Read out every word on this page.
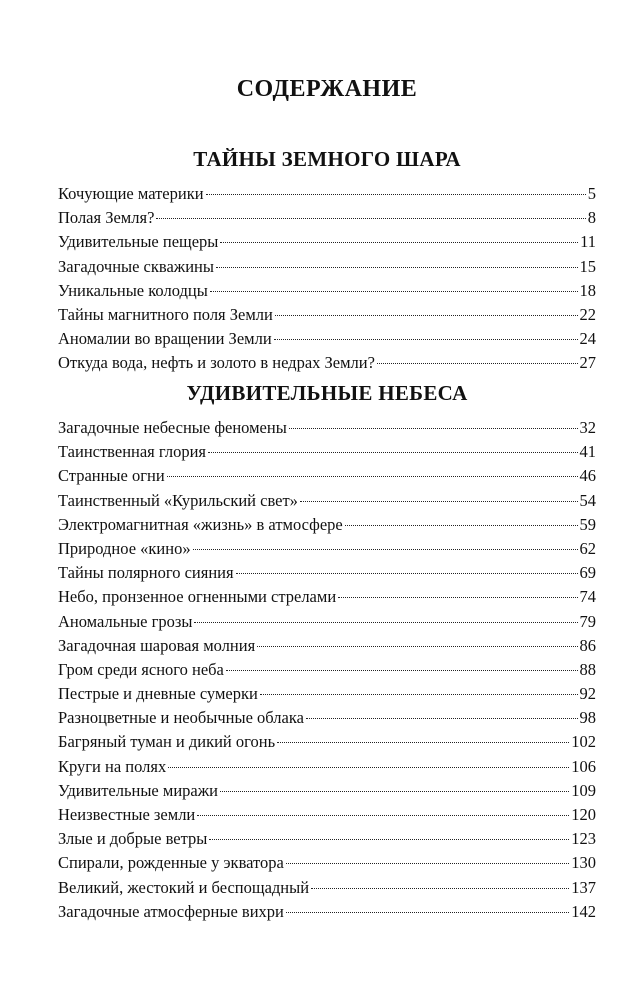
СОДЕРЖАНИЕ
ТАЙНЫ ЗЕМНОГО ШАРА
Кочующие материки	5
Полая Земля?	8
Удивительные пещеры	11
Загадочные скважины	15
Уникальные колодцы	18
Тайны магнитного поля Земли	22
Аномалии во вращении Земли	24
Откуда вода, нефть и золото в недрах Земли?	27
УДИВИТЕЛЬНЫЕ НЕБЕСА
Загадочные небесные феномены	32
Таинственная глория	41
Странные огни	46
Таинственный «Курильский свет»	54
Электромагнитная «жизнь» в атмосфере	59
Природное «кино»	62
Тайны полярного сияния	69
Небо, пронзенное огненными стрелами	74
Аномальные грозы	79
Загадочная шаровая молния	86
Гром среди ясного неба	88
Пестрые и дневные сумерки	92
Разноцветные и необычные облака	98
Багряный туман и дикий огонь	102
Круги на полях	106
Удивительные миражи	109
Неизвестные земли	120
Злые и добрые ветры	123
Спирали, рожденные у экватора	130
Великий, жестокий и беспощадный	137
Загадочные атмосферные вихри	142
